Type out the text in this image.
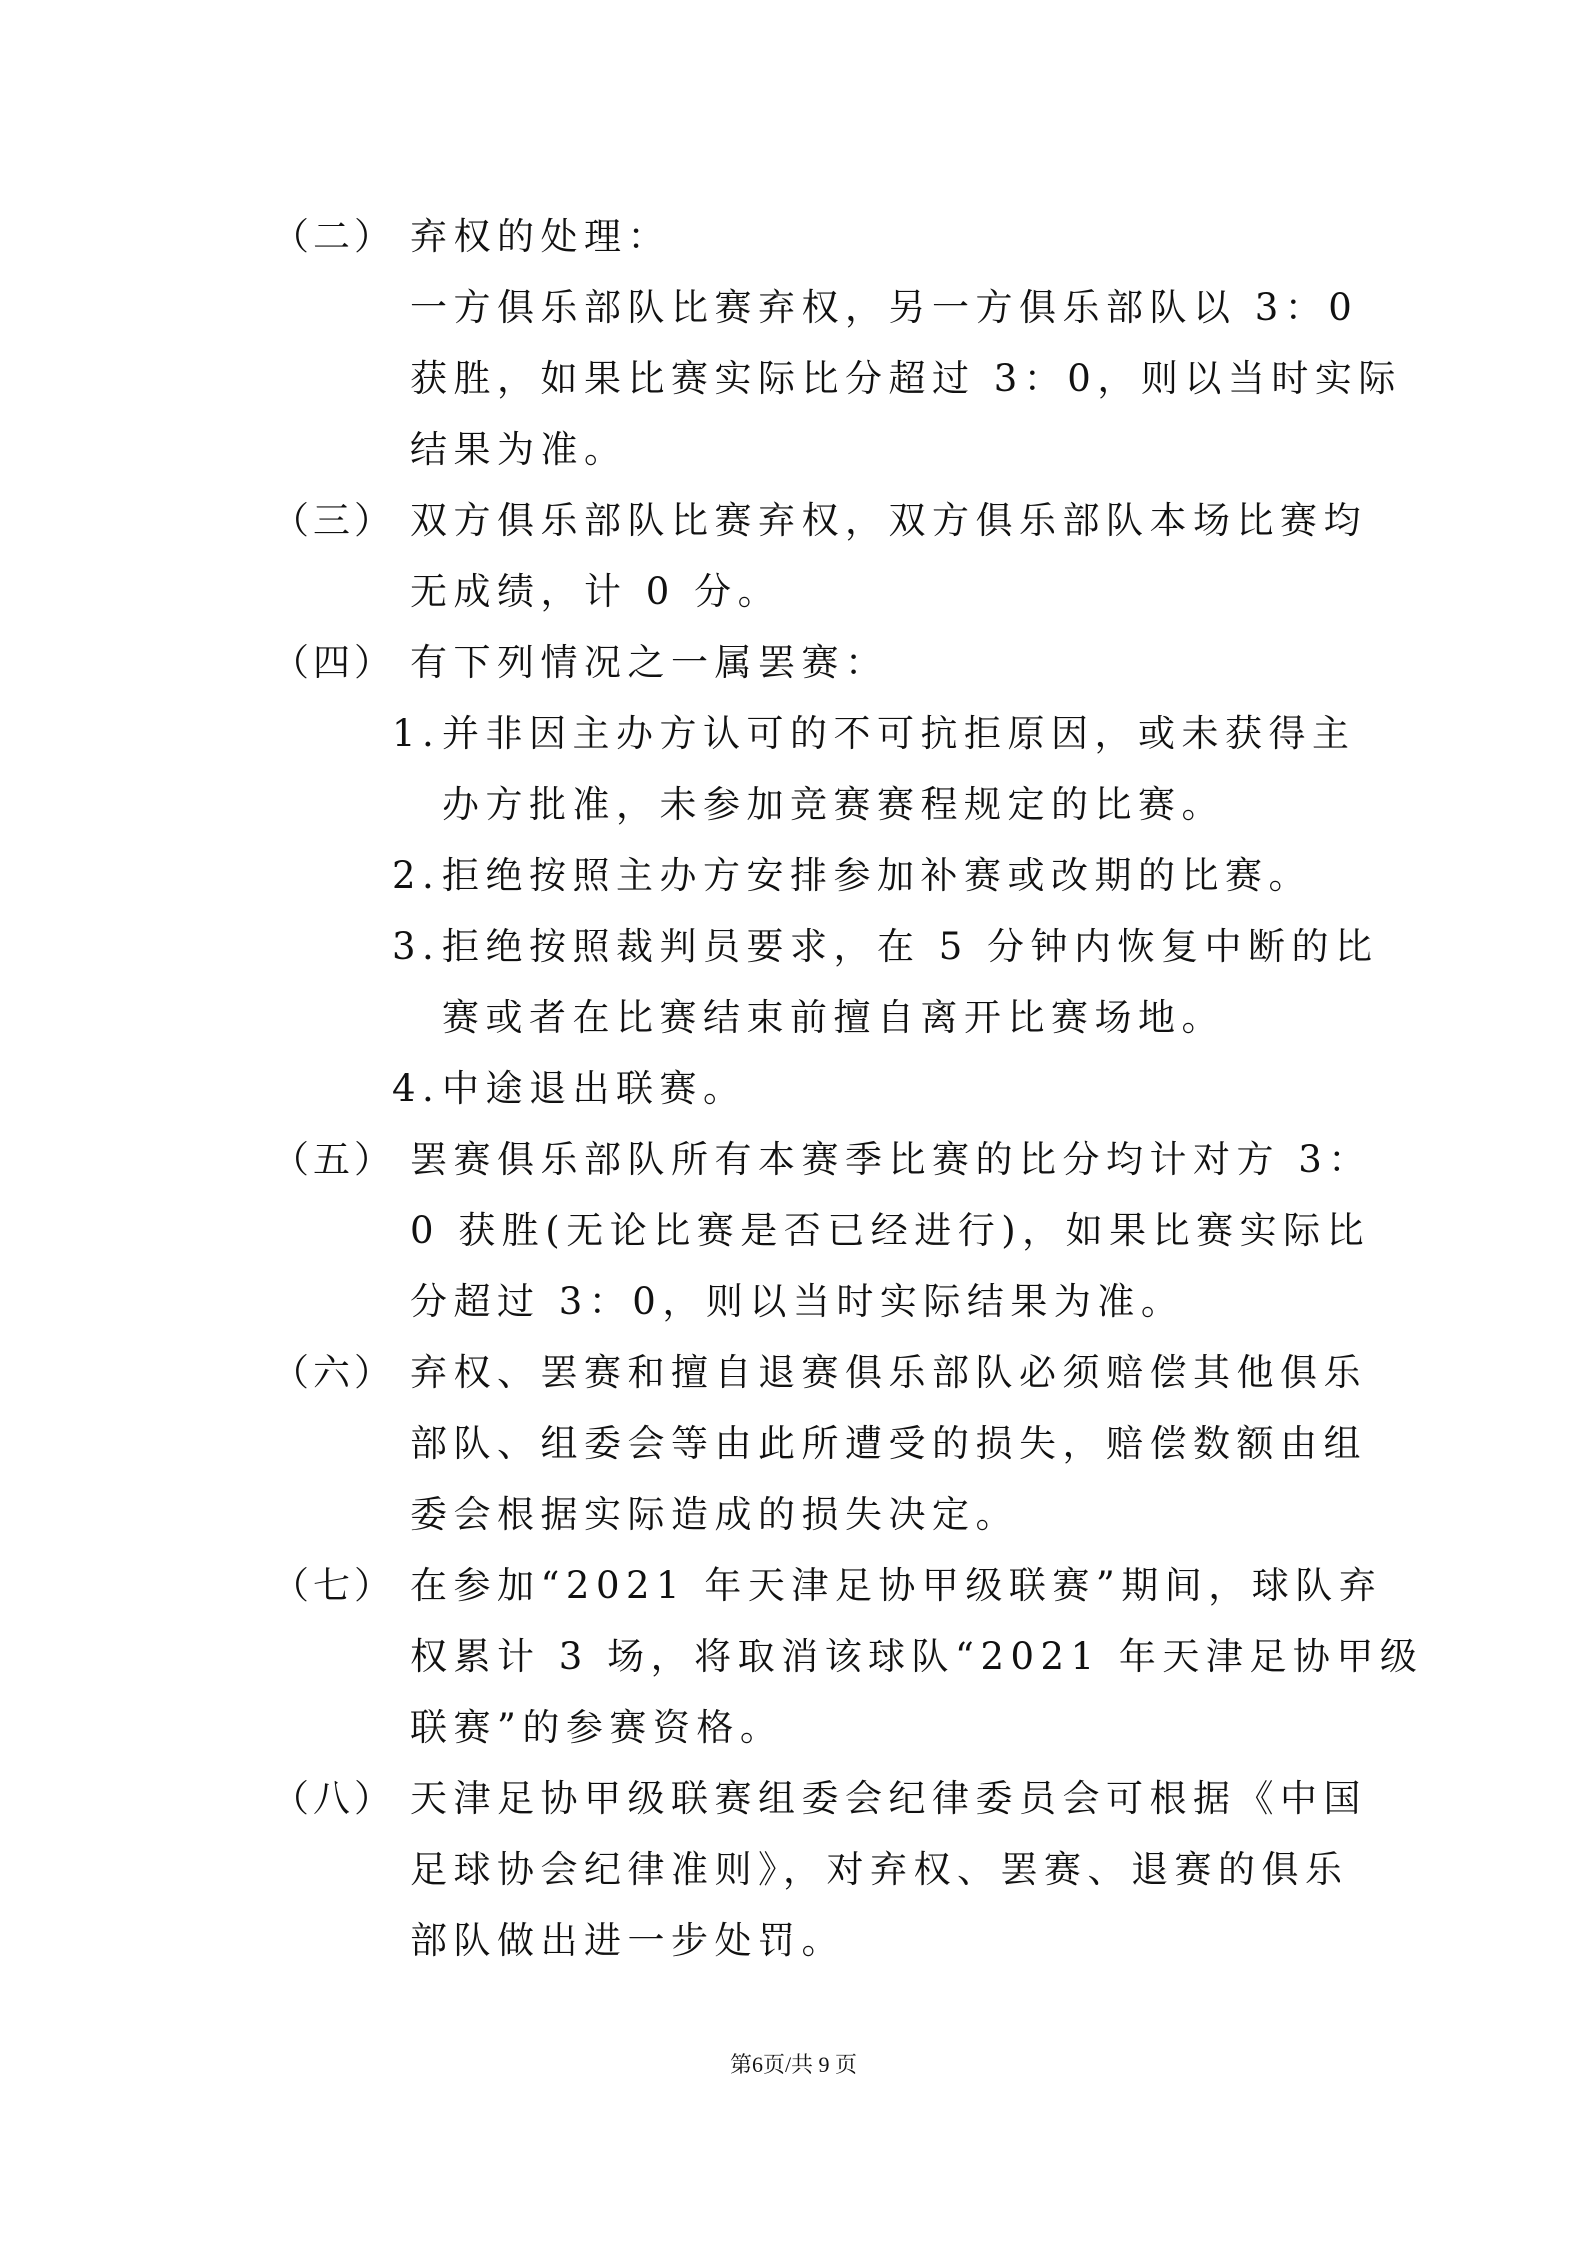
（二） 弃权的处理：
一方俱乐部队比赛弃权，另一方俱乐部队以 3：0
获胜，如果比赛实际比分超过 3：0，则以当时实际
结果为准。
（三） 双方俱乐部队比赛弃权，双方俱乐部队本场比赛均
无成绩，计 0 分。
（四） 有下列情况之一属罢赛：
1. 并非因主办方认可的不可抗拒原因，或未获得主
办方批准，未参加竞赛赛程规定的比赛。
2. 拒绝按照主办方安排参加补赛或改期的比赛。
3. 拒绝按照裁判员要求，在 5 分钟内恢复中断的比
赛或者在比赛结束前擅自离开比赛场地。
4. 中途退出联赛。
（五） 罢赛俱乐部队所有本赛季比赛的比分均计对方 3：
0 获胜(无论比赛是否已经进行)，如果比赛实际比
分超过 3：0，则以当时实际结果为准。
（六） 弃权、罢赛和擅自退赛俱乐部队必须赔偿其他俱乐
部队、组委会等由此所遭受的损失，赔偿数额由组
委会根据实际造成的损失决定。
（七） 在参加“2021 年天津足协甲级联赛”期间，球队弃
权累计 3 场，将取消该球队“2021 年天津足协甲级
联赛”的参赛资格。
（八） 天津足协甲级联赛组委会纪律委员会可根据《中国
足球协会纪律准则》，对弃权、罢赛、退赛的俱乐
部队做出进一步处罚。
第6页/共 9 页
